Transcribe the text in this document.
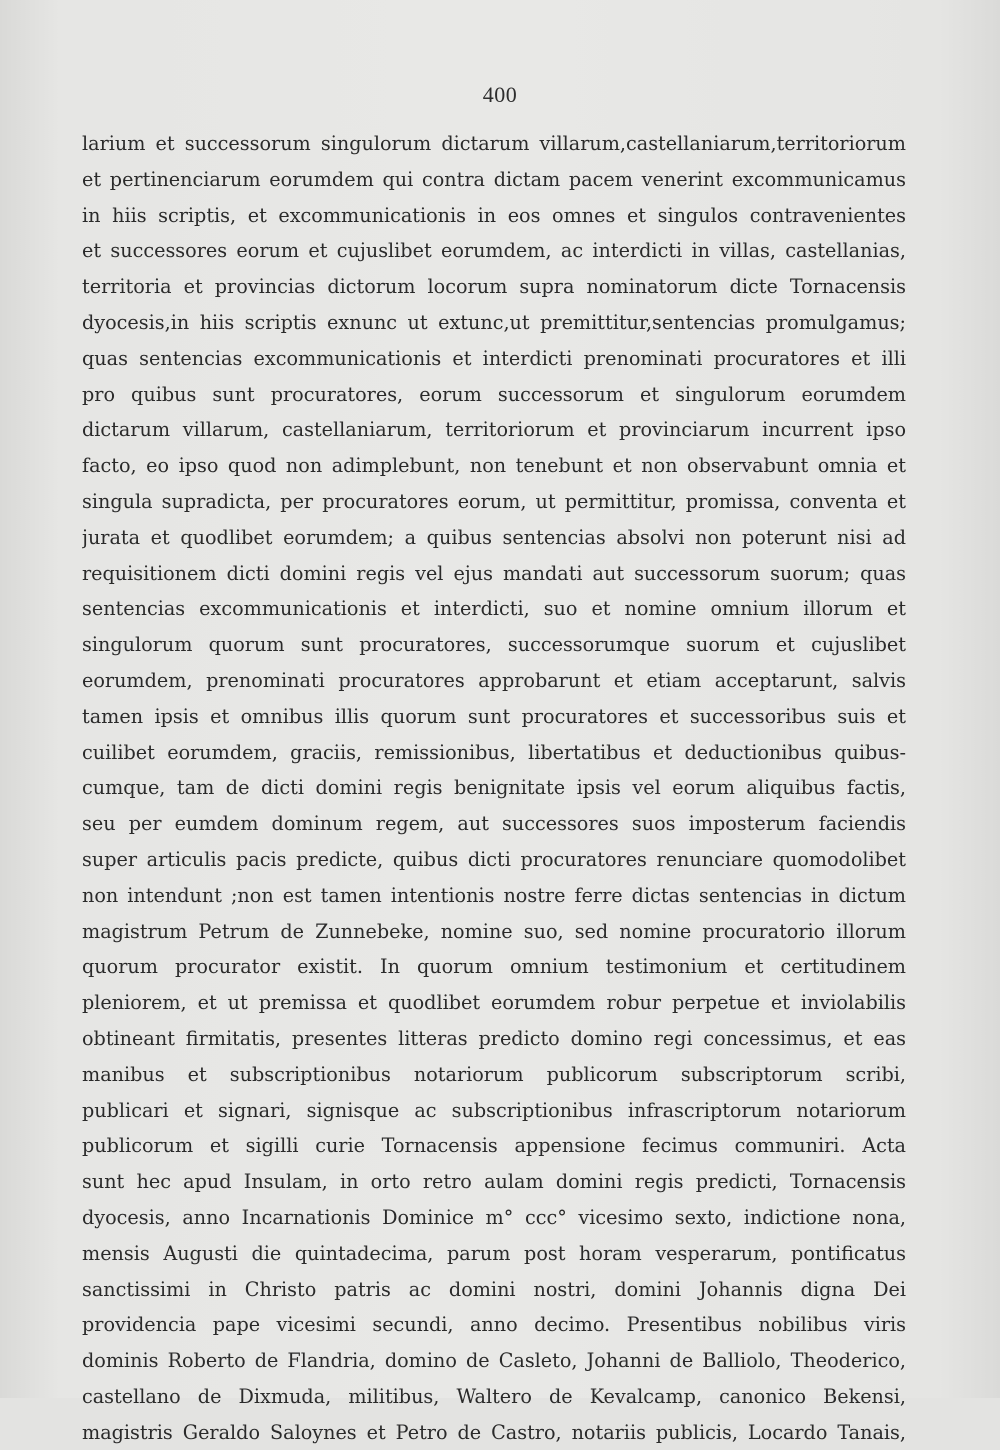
400
larium et successorum singulorum dictarum villarum,castellaniarum,territoriorum
et pertinenciarum eorumdem qui contra dictam pacem venerint excommunicamus
in hiis scriptis, et excommunicationis in eos omnes et singulos contravenientes
et successores eorum et cujuslibet eorumdem, ac interdicti in villas, castellanias,
territoria et provincias dictorum locorum supra nominatorum dicte Tornacensis
dyocesis,in hiis scriptis exnunc ut extunc,ut premittitur,sentencias promulgamus;
quas sentencias excommunicationis et interdicti prenominati procuratores et illi
pro quibus sunt procuratores, eorum successorum et singulorum eorumdem
dictarum villarum, castellaniarum, territoriorum et provinciarum incurrent ipso
facto, eo ipso quod non adimplebunt, non tenebunt et non observabunt omnia et
singula supradicta, per procuratores eorum, ut permittitur, promissa, conventa et
jurata et quodlibet eorumdem; a quibus sentencias absolvi non poterunt nisi ad
requisitionem dicti domini regis vel ejus mandati aut successorum suorum; quas
sentencias excommunicationis et interdicti, suo et nomine omnium illorum et
singulorum quorum sunt procuratores, successorumque suorum et cujuslibet
eorumdem, prenominati procuratores approbarunt et etiam acceptarunt, salvis
tamen ipsis et omnibus illis quorum sunt procuratores et successoribus suis et
cuilibet eorumdem, graciis, remissionibus, libertatibus et deductionibus quibus-
cumque, tam de dicti domini regis benignitate ipsis vel eorum aliquibus factis,
seu per eumdem dominum regem, aut successores suos imposterum faciendis
super articulis pacis predicte, quibus dicti procuratores renunciare quomodolibet
non intendunt ;non est tamen intentionis nostre ferre dictas sentencias in dictum
magistrum Petrum de Zunnebeke, nomine suo, sed nomine procuratorio illorum
quorum procurator existit. In quorum omnium testimonium et certitudinem
pleniorem, et ut premissa et quodlibet eorumdem robur perpetue et inviolabilis
obtineant firmitatis, presentes litteras predicto domino regi concessimus, et eas
manibus et subscriptionibus notariorum publicorum subscriptorum scribi,
publicari et signari, signisque ac subscriptionibus infrascriptorum notariorum
publicorum et sigilli curie Tornacensis appensione fecimus communiri. Acta
sunt hec apud Insulam, in orto retro aulam domini regis predicti, Tornacensis
dyocesis, anno Incarnationis Dominice m° ccc° vicesimo sexto, indictione nona,
mensis Augusti die quintadecima, parum post horam vesperarum, pontificatus
sanctissimi in Christo patris ac domini nostri, domini Johannis digna Dei
providencia pape vicesimi secundi, anno decimo. Presentibus nobilibus viris
dominis Roberto de Flandria, domino de Casleto, Johanni de Balliolo, Theoderico,
castellano de Dixmuda, militibus, Waltero de Kevalcamp, canonico Bekensi,
magistris Geraldo Saloynes et Petro de Castro, notariis publicis, Locardo Tanais,
